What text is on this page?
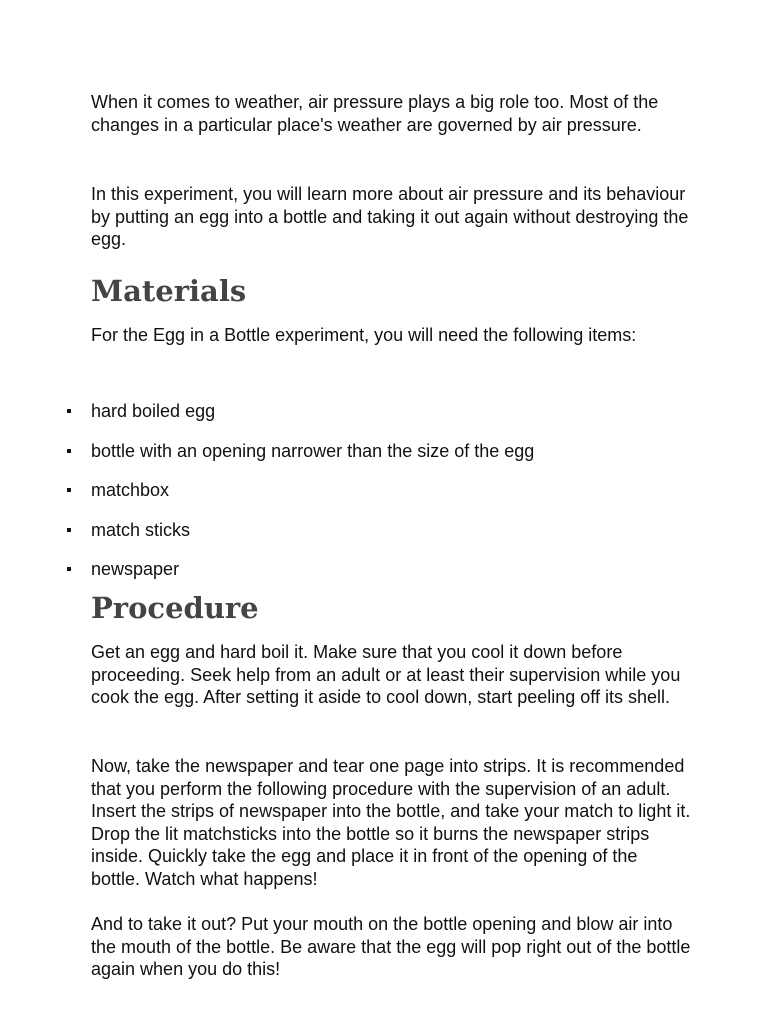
When it comes to weather, air pressure plays a big role too. Most of the changes in a particular place's weather are governed by air pressure.

In this experiment, you will learn more about air pressure and its behaviour by putting an egg into a bottle and taking it out again without destroying the egg.

Materials

For the Egg in a Bottle experiment, you will need the following items:

hard boiled egg
bottle with an opening narrower than the size of the egg
matchbox
match sticks
newspaper
Procedure

Get an egg and hard boil it. Make sure that you cool it down before proceeding. Seek help from an adult or at least their supervision while you cook the egg. After setting it aside to cool down, start peeling off its shell.

Now, take the newspaper and tear one page into strips. It is recommended that you perform the following procedure with the supervision of an adult. Insert the strips of newspaper into the bottle, and take your match to light it. Drop the lit matchsticks into the bottle so it burns the newspaper strips inside. Quickly take the egg and place it in front of the opening of the bottle. Watch what happens!

And to take it out? Put your mouth on the bottle opening and blow air into the mouth of the bottle. Be aware that the egg will pop right out of the bottle again when you do this!
